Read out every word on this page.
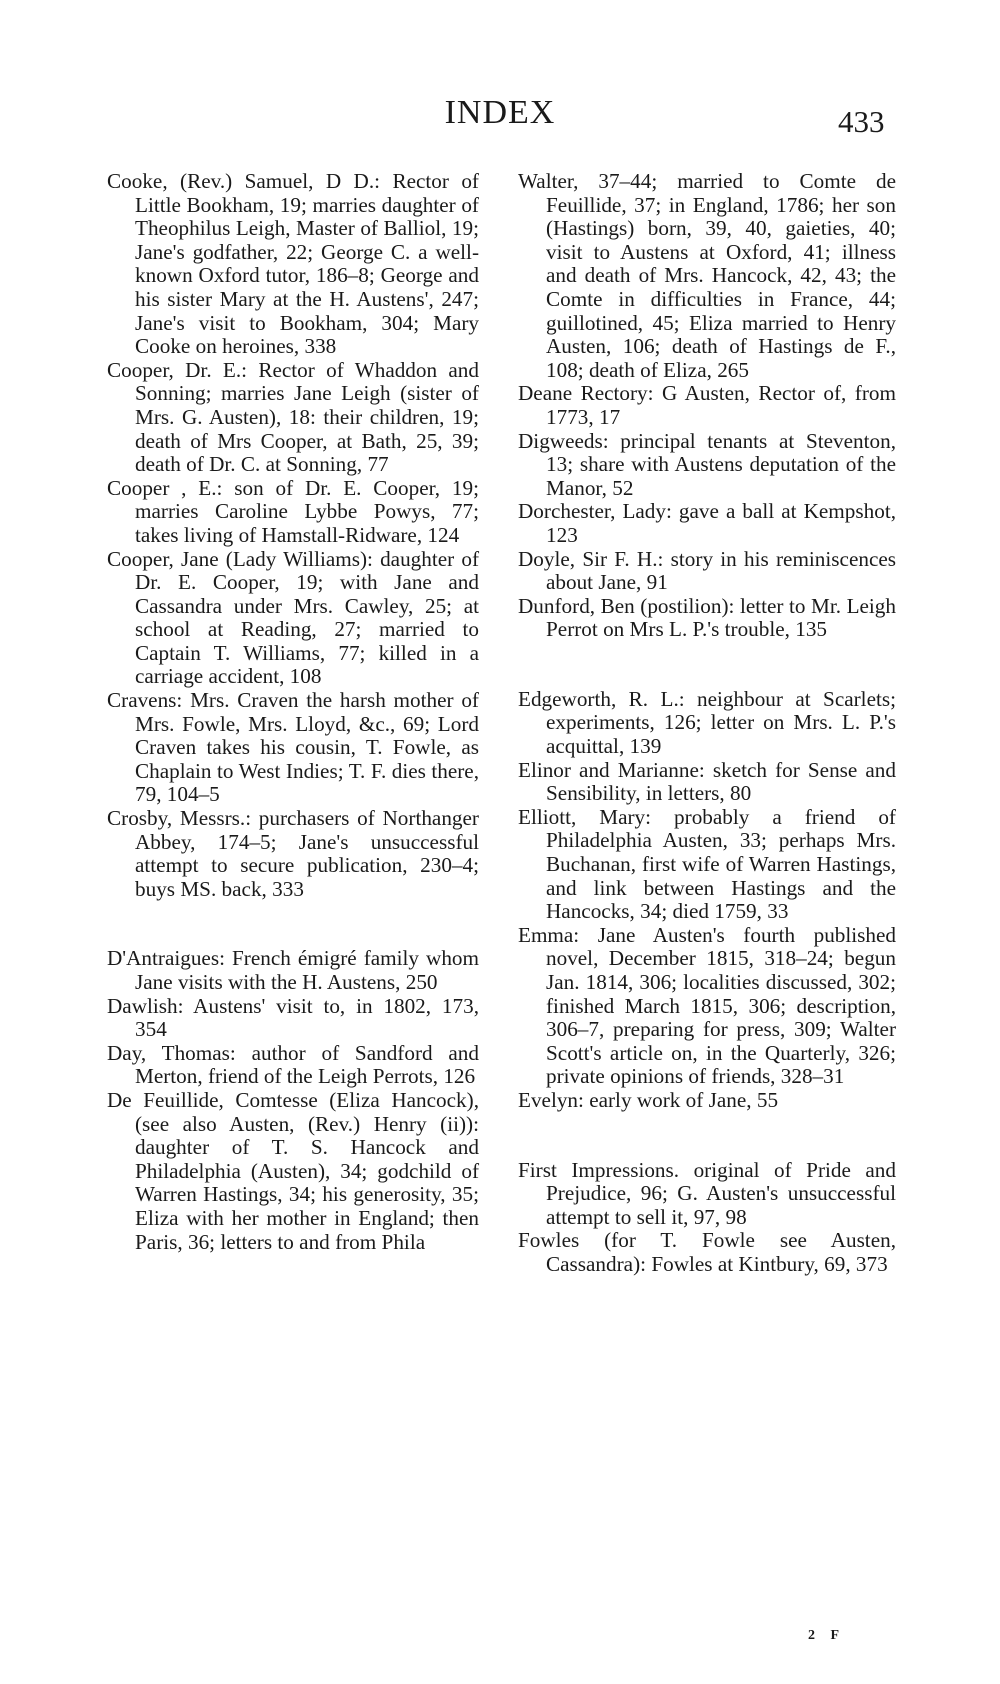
INDEX	433

Cooke, (Rev.) Samuel, D D.: Rector of Little Bookham, 19; marries daughter of Theophilus Leigh, Master of Balliol, 19; Jane's godfather, 22; George C. a well-known Oxford tutor, 186–8; George and his sister Mary at the H. Austens', 247; Jane's visit to Bookham, 304; Mary Cooke on heroines, 338

Cooper, Dr. E.: Rector of Whaddon and Sonning; marries Jane Leigh (sister of Mrs. G. Austen), 18: their children, 19; death of Mrs Cooper, at Bath, 25, 39; death of Dr. C. at Sonning, 77

Cooper , E.: son of Dr. E. Cooper, 19; marries Caroline Lybbe Powys, 77; takes living of Hamstall-Ridware, 124

Cooper, Jane (Lady Williams): daughter of Dr. E. Cooper, 19; with Jane and Cassandra under Mrs. Cawley, 25; at school at Reading, 27; married to Captain T. Williams, 77; killed in a carriage accident, 108

Cravens: Mrs. Craven the harsh mother of Mrs. Fowle, Mrs. Lloyd, &c., 69; Lord Craven takes his cousin, T. Fowle, as Chaplain to West Indies; T. F. dies there, 79, 104–5

Crosby, Messrs.: purchasers of Northanger Abbey, 174–5; Jane's unsuccessful attempt to secure publication, 230–4; buys MS. back, 333

D'Antraigues: French émigré family whom Jane visits with the H. Austens, 250

Dawlish: Austens' visit to, in 1802, 173, 354

Day, Thomas: author of Sandford and Merton, friend of the Leigh Perrots, 126

De Feuillide, Comtesse (Eliza Hancock), (see also Austen, (Rev.) Henry (ii)): daughter of T. S. Hancock and Philadelphia (Austen), 34; godchild of Warren Hastings, 34; his generosity, 35; Eliza with her mother in England; then Paris, 36; letters to and from Phila

Walter, 37–44; married to Comte de Feuillide, 37; in England, 1786; her son (Hastings) born, 39, 40, gaieties, 40; visit to Austens at Oxford, 41; illness and death of Mrs. Hancock, 42, 43; the Comte in difficulties in France, 44; guillotined, 45; Eliza married to Henry Austen, 106; death of Hastings de F., 108; death of Eliza, 265

Deane Rectory: G Austen, Rector of, from 1773, 17

Digweeds: principal tenants at Steventon, 13; share with Austens deputation of the Manor, 52

Dorchester, Lady: gave a ball at Kempshot, 123

Doyle, Sir F. H.: story in his reminiscences about Jane, 91

Dunford, Ben (postilion): letter to Mr. Leigh Perrot on Mrs L. P.'s trouble, 135

Edgeworth, R. L.: neighbour at Scarlets; experiments, 126; letter on Mrs. L. P.'s acquittal, 139

Elinor and Marianne: sketch for Sense and Sensibility, in letters, 80

Elliott, Mary: probably a friend of Philadelphia Austen, 33; perhaps Mrs. Buchanan, first wife of Warren Hastings, and link between Hastings and the Hancocks, 34; died 1759, 33

Emma: Jane Austen's fourth published novel, December 1815, 318–24; begun Jan. 1814, 306; localities discussed, 302; finished March 1815, 306; description, 306–7, preparing for press, 309; Walter Scott's article on, in the Quarterly, 326; private opinions of friends, 328–31

Evelyn: early work of Jane, 55

First Impressions. original of Pride and Prejudice, 96; G. Austen's unsuccessful attempt to sell it, 97, 98

Fowles (for T. Fowle see Austen, Cassandra): Fowles at Kintbury, 69, 373

2 F
